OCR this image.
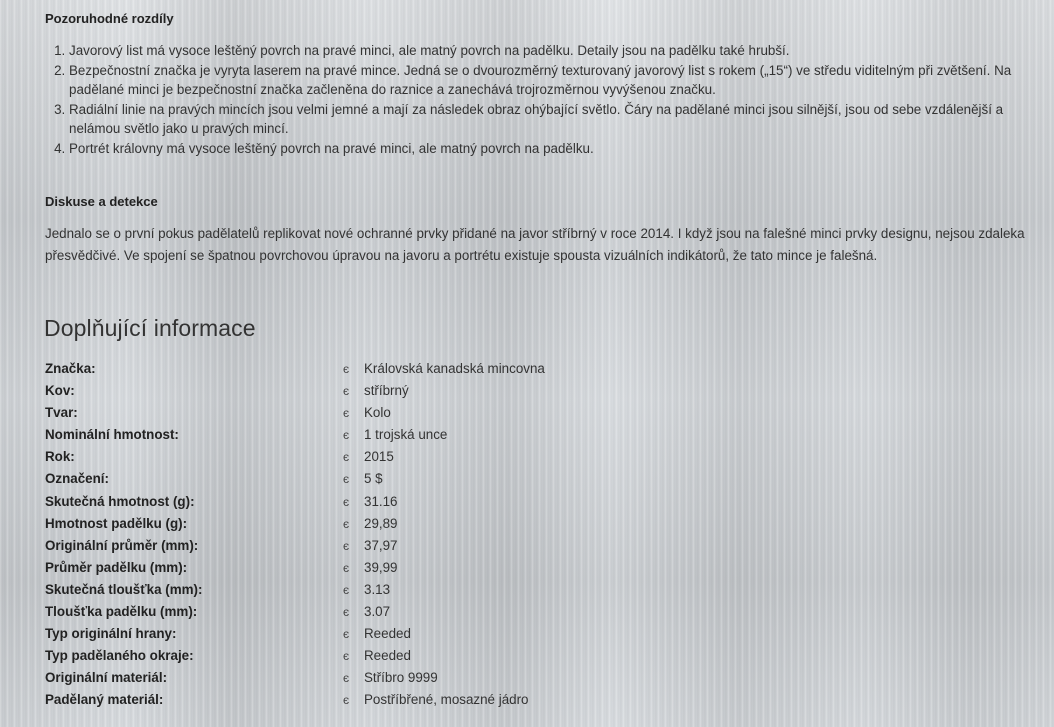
Pozoruhodné rozdíly
1. Javorový list má vysoce leštěný povrch na pravé minci, ale matný povrch na padělku. Detaily jsou na padělku také hrubší.
2. Bezpečnostní značka je vyryta laserem na pravé mince. Jedná se o dvourozměrný texturovaný javorový list s rokem („15“) ve středu viditelným při zvětšení. Na padělané minci je bezpečnostní značka začleněna do raznice a zanechává trojrozměrnou vyvýšenou značku.
3. Radiální linie na pravých mincích jsou velmi jemné a mají za následek obraz ohýbající světlo. Čáry na padělané minci jsou silnější, jsou od sebe vzdálenější a nelámou světlo jako u pravých mincí.
4. Portrét královny má vysoce leštěný povrch na pravé minci, ale matný povrch na padělku.
Diskuse a detekce

Jednalo se o první pokus padělatelů replikovat nové ochranné prvky přidané na javor stříbrný v roce 2014. I když jsou na falešné minci prvky designu, nejsou zdaleka přesvědčivé. Ve spojení se špatnou povrchovou úpravou na javoru a portrétu existuje spousta vizuálních indikátorů, že tato mince je falešná.

Doplňující informace
Značka:	є Královská kanadská mincovna
Kov:	є stříbrný
Tvar:	є Kolo
Nominální hmotnost:	є 1 trojská unce
Rok:	є 2015
Označení:	є 5 $
Skutečná hmotnost (g):	є 31.16
Hmotnost padělku (g):	є 29,89
Originální průměr (mm):	є 37,97
Průměr padělku (mm):	є 39,99
Skutečná tloušťka (mm):	є 3.13
Tloušťka padělku (mm):	є 3.07
Typ originální hrany:	є Reeded
Typ padělaného okraje:	є Reeded
Originální materiál:	є Stříbro 9999
Padělaný materiál:	є Postříbřené, mosazné jádro
